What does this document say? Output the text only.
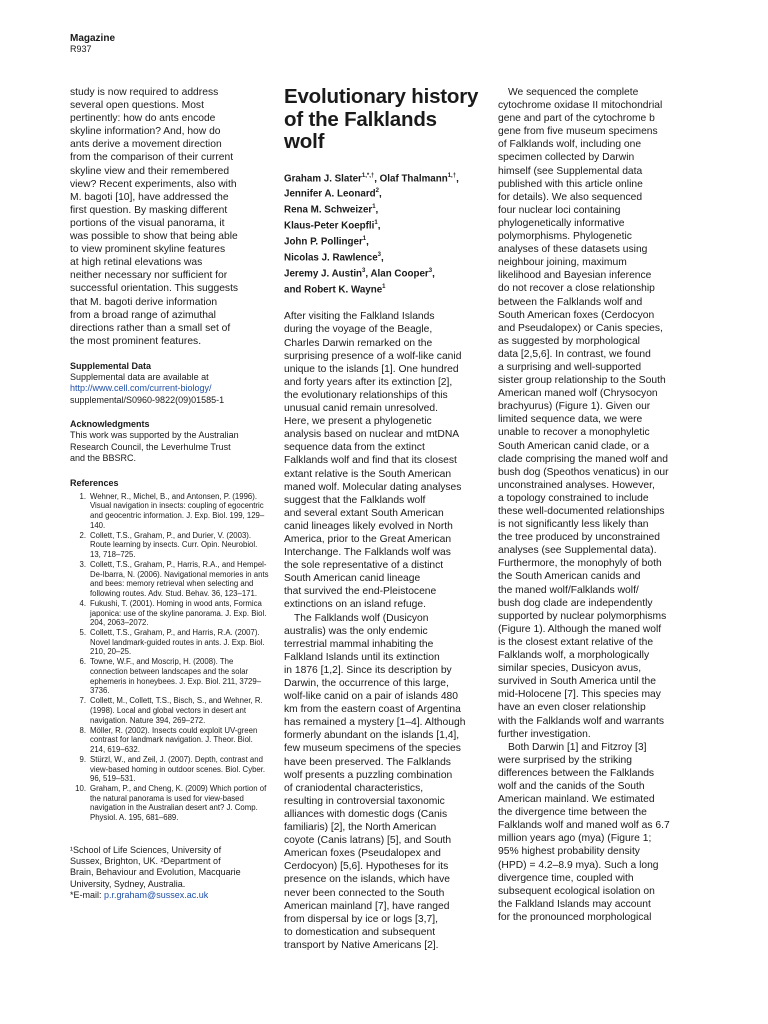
Magazine
R937
study is now required to address
several open questions. Most
pertinently: how do ants encode
skyline information? And, how do
ants derive a movement direction
from the comparison of their current
skyline view and their remembered
view? Recent experiments, also with
M. bagoti [10], have addressed the
first question. By masking different
portions of the visual panorama, it
was possible to show that being able
to view prominent skyline features
at high retinal elevations was
neither necessary nor sufficient for
successful orientation. This suggests
that M. bagoti derive information
from a broad range of azimuthal
directions rather than a small set of
the most prominent features.

Supplemental Data

Supplemental data are available at

http://www.cell.com/current-biology/

supplemental/S0960-9822(09)01585-1

Acknowledgments

This work was supported by the Australian

Research Council, the Leverhulme Trust

and the BBSRC.

References

1. Wehner, R., Michel, B., and Antonsen, P. (1996). Visual navigation in insects: coupling of egocentric and geocentric information. J. Exp. Biol. 199, 129–140.
2. Collett, T.S., Graham, P., and Durier, V. (2003). Route learning by insects. Curr. Opin. Neurobiol. 13, 718–725.
3. Collett, T.S., Graham, P., Harris, R.A., and Hempel-De-Ibarra, N. (2006). Navigational memories in ants and bees: memory retrieval when selecting and following routes. Adv. Stud. Behav. 36, 123–171.
4. Fukushi, T. (2001). Homing in wood ants, Formica japonica: use of the skyline panorama. J. Exp. Biol. 204, 2063–2072.
5. Collett, T.S., Graham, P., and Harris, R.A. (2007). Novel landmark-guided routes in ants. J. Exp. Biol. 210, 20–25.
6. Towne, W.F., and Moscrip, H. (2008). The connection between landscapes and the solar ephemeris in honeybees. J. Exp. Biol. 211, 3729–3736.
7. Collett, M., Collett, T.S., Bisch, S., and Wehner, R. (1998). Local and global vectors in desert ant navigation. Nature 394, 269–272.
8. Möller, R. (2002). Insects could exploit UV-green contrast for landmark navigation. J. Theor. Biol. 214, 619–632.
9. Stürzl, W., and Zeil, J. (2007). Depth, contrast and view-based homing in outdoor scenes. Biol. Cyber. 96, 519–531.
10. Graham, P., and Cheng, K. (2009) Which portion of the natural panorama is used for view-based navigation in the Australian desert ant? J. Comp. Physiol. A. 195, 681–689.
¹School of Life Sciences, University of
Sussex, Brighton, UK. ²Department of
Brain, Behaviour and Evolution, Macquarie
University, Sydney, Australia.
*E-mail: p.r.graham@sussex.ac.uk
Evolutionary history
of the Falklands
wolf
Graham J. Slater$^{1,*,\dagger}$, Olaf Thalmann$^{1,\dagger}$,
Jennifer A. Leonard$^2$,
Rena M. Schweizer$^1$,
Klaus-Peter Koepfli$^1$,
John P. Pollinger$^1$,
Nicolas J. Rawlence$^3$,
Jeremy J. Austin$^3$, Alan Cooper$^3$,
and Robert K. Wayne$^1$
After visiting the Falkland Islands
during the voyage of the Beagle,
Charles Darwin remarked on the
surprising presence of a wolf-like canid
unique to the islands [1]. One hundred
and forty years after its extinction [2],
the evolutionary relationships of this
unusual canid remain unresolved.
Here, we present a phylogenetic
analysis based on nuclear and mtDNA
sequence data from the extinct
Falklands wolf and find that its closest
extant relative is the South American
maned wolf. Molecular dating analyses
suggest that the Falklands wolf
and several extant South American
canid lineages likely evolved in North
America, prior to the Great American
Interchange. The Falklands wolf was
the sole representative of a distinct
South American canid lineage
that survived the end-Pleistocene
extinctions on an island refuge.
The Falklands wolf (Dusicyon
australis) was the only endemic
terrestrial mammal inhabiting the
Falkland Islands until its extinction
in 1876 [1,2]. Since its description by
Darwin, the occurrence of this large,
wolf-like canid on a pair of islands 480
km from the eastern coast of Argentina
has remained a mystery [1–4]. Although
formerly abundant on the islands [1,4],
few museum specimens of the species
have been preserved. The Falklands
wolf presents a puzzling combination
of craniodental characteristics,
resulting in controversial taxonomic
alliances with domestic dogs (Canis
familiaris) [2], the North American
coyote (Canis latrans) [5], and South
American foxes (Pseudalopex and
Cerdocyon) [5,6]. Hypotheses for its
presence on the islands, which have
never been connected to the South
American mainland [7], have ranged
from dispersal by ice or logs [3,7],
to domestication and subsequent
transport by Native Americans [2].
We sequenced the complete
cytochrome oxidase II mitochondrial
gene and part of the cytochrome b
gene from five museum specimens
of Falklands wolf, including one
specimen collected by Darwin
himself (see Supplemental data
published with this article online
for details). We also sequenced
four nuclear loci containing
phylogenetically informative
polymorphisms. Phylogenetic
analyses of these datasets using
neighbour joining, maximum
likelihood and Bayesian inference
do not recover a close relationship
between the Falklands wolf and
South American foxes (Cerdocyon
and Pseudalopex) or Canis species,
as suggested by morphological
data [2,5,6]. In contrast, we found
a surprising and well-supported
sister group relationship to the South
American maned wolf (Chrysocyon
brachyurus) (Figure 1). Given our
limited sequence data, we were
unable to recover a monophyletic
South American canid clade, or a
clade comprising the maned wolf and
bush dog (Speothos venaticus) in our
unconstrained analyses. However,
a topology constrained to include
these well-documented relationships
is not significantly less likely than
the tree produced by unconstrained
analyses (see Supplemental data).
Furthermore, the monophyly of both
the South American canids and
the maned wolf/Falklands wolf/
bush dog clade are independently
supported by nuclear polymorphisms
(Figure 1). Although the maned wolf
is the closest extant relative of the
Falklands wolf, a morphologically
similar species, Dusicyon avus,
survived in South America until the
mid-Holocene [7]. This species may
have an even closer relationship
with the Falklands wolf and warrants
further investigation.
Both Darwin [1] and Fitzroy [3]
were surprised by the striking
differences between the Falklands
wolf and the canids of the South
American mainland. We estimated
the divergence time between the
Falklands wolf and maned wolf as 6.7
million years ago (mya) (Figure 1;
95% highest probability density
(HPD) = 4.2–8.9 mya). Such a long
divergence time, coupled with
subsequent ecological isolation on
the Falkland Islands may account
for the pronounced morphological
